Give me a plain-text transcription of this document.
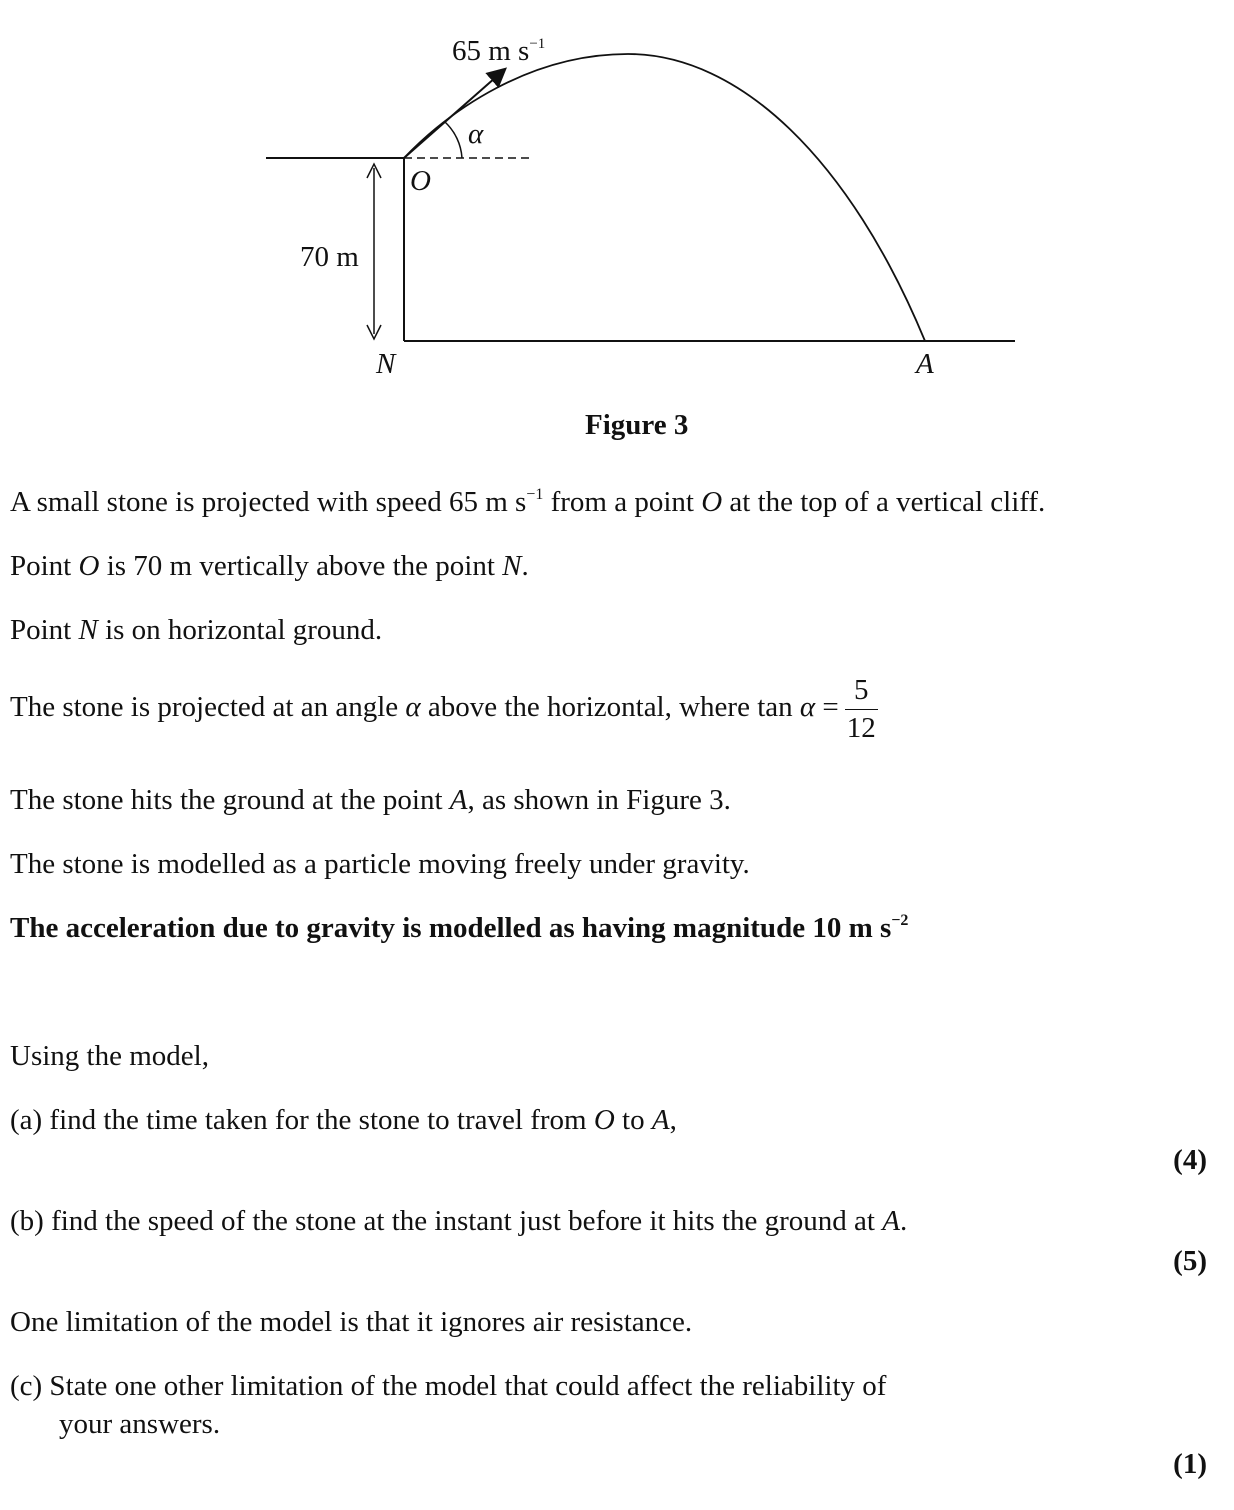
65 m $s^{-1}$
α
O
70 m
N	A
Figure 3
A small stone is projected with speed 65 m $s^{-1}$ from a point O at the top of a vertical cliff.
Point O is 70 m vertically above the point N.
Point N is on horizontal ground.
The stone is projected at an angle α above the horizontal, where $\tan \alpha = \frac{5}{12}$
The stone hits the ground at the point A, as shown in Figure 3.
The stone is modelled as a particle moving freely under gravity.
The acceleration due to gravity is modelled as having magnitude 10 m $s^{-2}$
Using the model,
(a) find the time taken for the stone to travel from O to A,
(4)
(b) find the speed of the stone at the instant just before it hits the ground at A.
(5)
One limitation of the model is that it ignores air resistance.
(c) State one other limitation of the model that could affect the reliability of
your answers.
(1)
